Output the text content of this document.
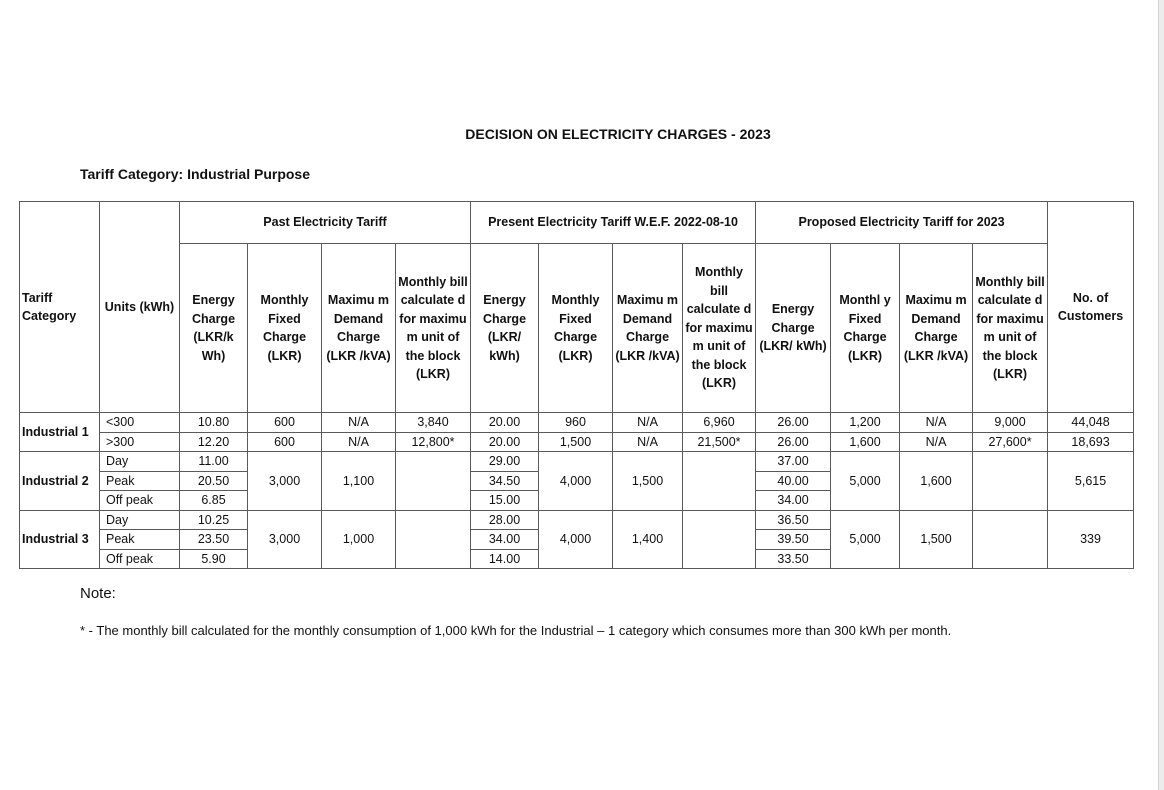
DECISION ON ELECTRICITY CHARGES - 2023
Tariff Category: Industrial Purpose
Tariff Category	Units (kWh)	Past Electricity Tariff				Present Electricity Tariff W.E.F. 2022-08-10				Proposed Electricity Tariff for 2023				No. of Customers
		Energy Charge (LKR/k Wh)	Monthly Fixed Charge (LKR)	Maximu m Demand Charge (LKR /kVA)	Monthly bill calculate d for maximu m unit of the block (LKR)	Energy Charge (LKR/ kWh)	Monthly Fixed Charge (LKR)	Maximu m Demand Charge (LKR /kVA)	Monthly bill calculate d for maximu m unit of the block (LKR)	Energy Charge (LKR/ kWh)	Monthl y Fixed Charge (LKR)	Maximu m Demand Charge (LKR /kVA)	Monthly bill calculate d for maximu m unit of the block (LKR)	
Industrial 1	<300	10.80	600	N/A	3,840	20.00	960	N/A	6,960	26.00	1,200	N/A	9,000	44,048
	>300	12.20	600	N/A	12,800*	20.00	1,500	N/A	21,500*	26.00	1,600	N/A	27,600*	18,693
Industrial 2	Day	11.00	3,000	1,100		29.00	4,000	1,500		37.00	5,000	1,600		5,615
	Peak	20.50				34.50				40.00				
	Off peak	6.85				15.00				34.00				
Industrial 3	Day	10.25	3,000	1,000		28.00	4,000	1,400		36.50	5,000	1,500		339
	Peak	23.50				34.00				39.50				
	Off peak	5.90				14.00				33.50				
Note:
* - The monthly bill calculated for the monthly consumption of 1,000 kWh for the Industrial – 1 category which consumes more than 300 kWh per month.
